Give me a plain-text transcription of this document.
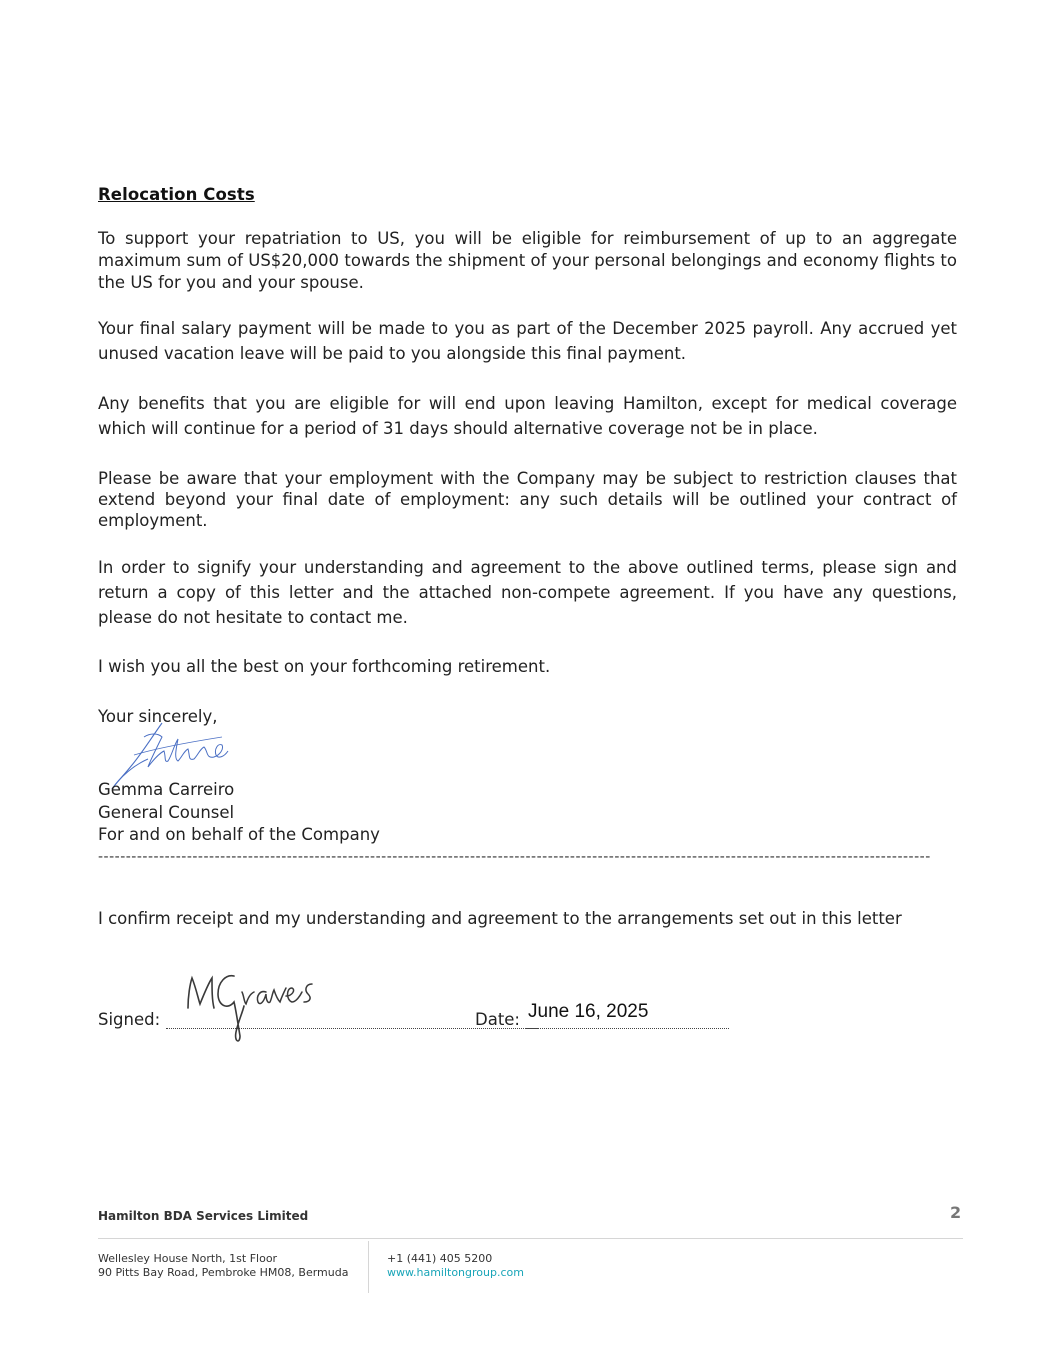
Relocation Costs
To support your repatriation to US, you will be eligible for reimbursement of up to an aggregate maximum sum of US$20,000 towards the shipment of your personal belongings and economy flights to the US for you and your spouse.
Your final salary payment will be made to you as part of the December 2025 payroll. Any accrued yet unused vacation leave will be paid to you alongside this final payment.
Any benefits that you are eligible for will end upon leaving Hamilton, except for medical coverage which will continue for a period of 31 days should alternative coverage not be in place.
Please be aware that your employment with the Company may be subject to restriction clauses that extend beyond your final date of employment: any such details will be outlined your contract of employment.
In order to signify your understanding and agreement to the above outlined terms, please sign and return a copy of this letter and the attached non-compete agreement. If you have any questions, please do not hesitate to contact me.
I wish you all the best on your forthcoming retirement.
Your sincerely,
Gemma Carreiro
General Counsel
For and on behalf of the Company
------------------------------------------------------------------------------------------------------------------------------------------------------
I confirm receipt and my understanding and agreement to the arrangements set out in this letter
Signed:	Date: June 16, 2025
Hamilton BDA Services Limited	2
Wellesley House North, 1st Floor
90 Pitts Bay Road, Pembroke HM08, Bermuda
+1 (441) 405 5200
www.hamiltongroup.com
